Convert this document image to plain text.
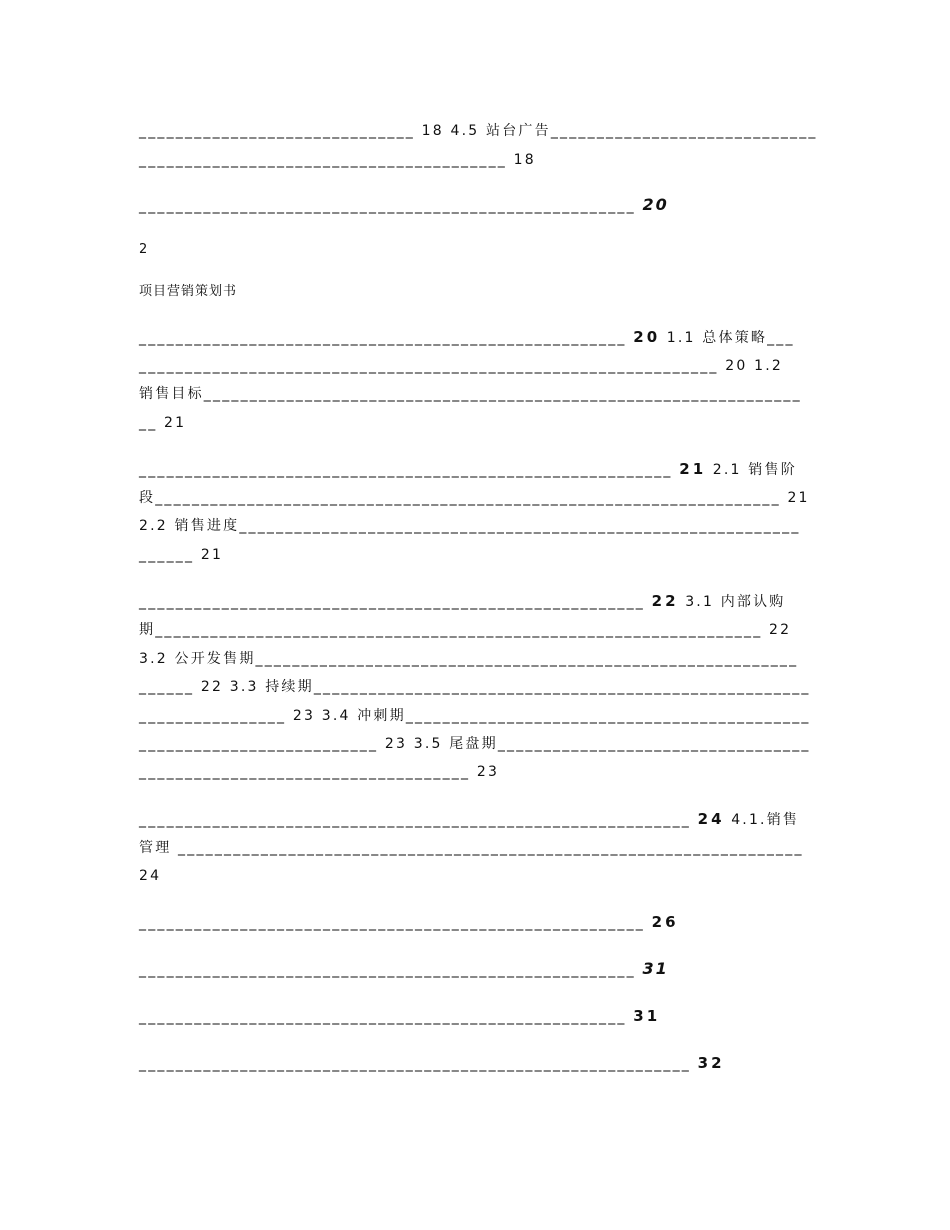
______________________________ 18 4.5 站台广告_____________________________
________________________________________ 18
______________________________________________________ 20
2
项目营销策划书
_____________________________________________________ 20 1.1 总体策略___
_______________________________________________________________ 20 1.2
销售目标_________________________________________________________________
__ 21
__________________________________________________________ 21 2.1 销售阶
段____________________________________________________________________ 21
2.2 销售进度_____________________________________________________________
______ 21
_______________________________________________________ 22 3.1 内部认购
期__________________________________________________________________ 22
3.2 公开发售期___________________________________________________________
______ 22 3.3 持续期______________________________________________________
________________ 23 3.4 冲刺期____________________________________________
__________________________ 23 3.5 尾盘期__________________________________
____________________________________ 23
____________________________________________________________ 24 4.1.销售
管理 ____________________________________________________________________
24
_______________________________________________________ 26
______________________________________________________ 31
_____________________________________________________ 31
____________________________________________________________ 32
